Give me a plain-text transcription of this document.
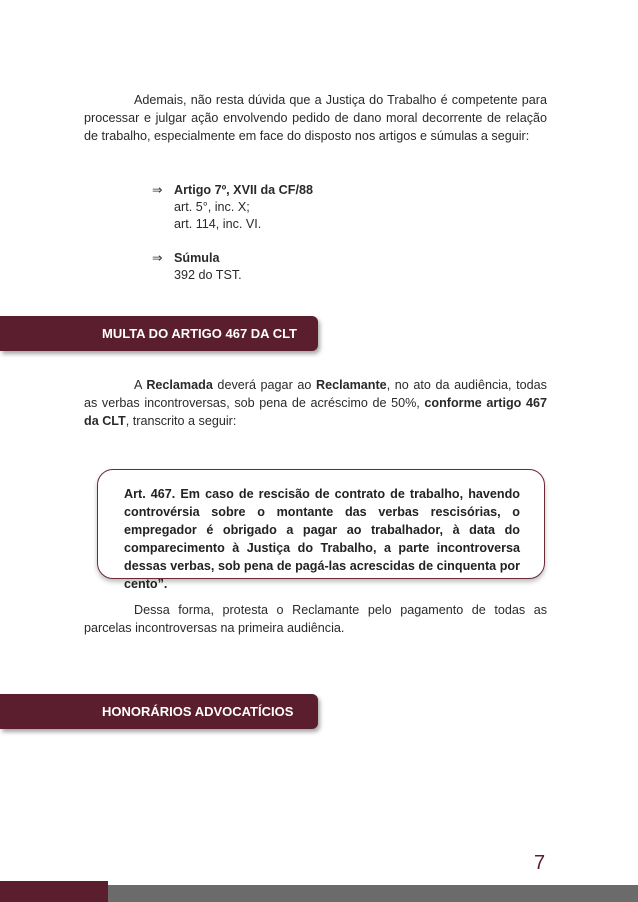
Ademais, não resta dúvida que a Justiça do Trabalho é competente para processar e julgar ação envolvendo pedido de dano moral decorrente de relação de trabalho, especialmente em face do disposto nos artigos e súmulas a seguir:

⇒ Artigo 7º, XVII da CF/88
art. 5°, inc. X;
art. 114, inc. VI.
⇒ Súmula
392 do TST.
MULTA DO ARTIGO 467 DA CLT

A Reclamada deverá pagar ao Reclamante, no ato da audiência, todas as verbas incontroversas, sob pena de acréscimo de 50%, conforme artigo 467 da CLT, transcrito a seguir:

Art. 467. Em caso de rescisão de contrato de trabalho, havendo controvérsia sobre o montante das verbas rescisórias, o empregador é obrigado a pagar ao trabalhador, à data do comparecimento à Justiça do Trabalho, a parte incontroversa dessas verbas, sob pena de pagá-las acrescidas de cinquenta por cento”.

Dessa forma, protesta o Reclamante pelo pagamento de todas as parcelas incontroversas na primeira audiência.

HONORÁRIOS ADVOCATÍCIOS
7
